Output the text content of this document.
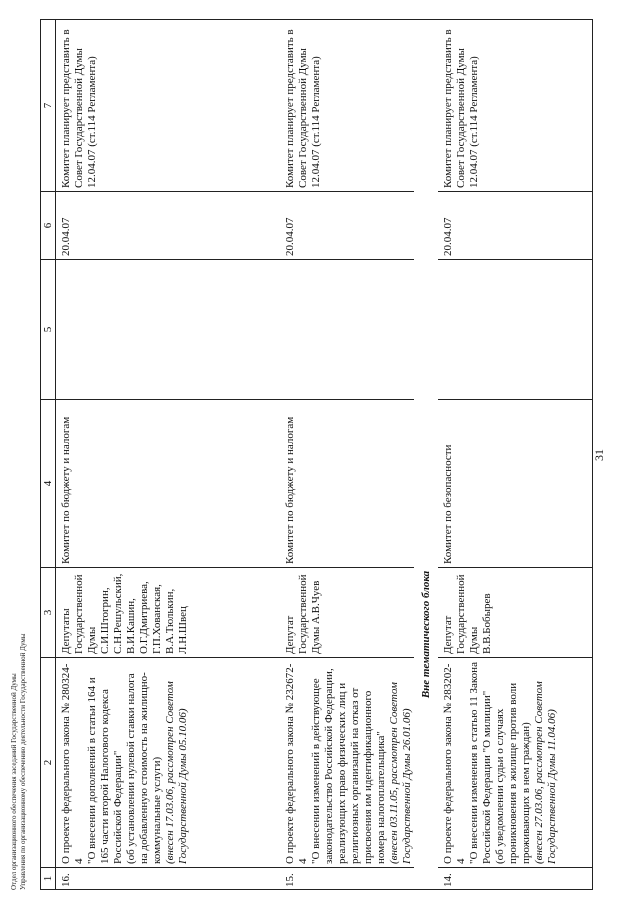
Отдел организационного обеспечения заседаний Государственной Думы Управления по организационному обеспечению деятельности Государственной Думы 1	2	3	4	5	6	7
16.	О проекте федерального закона № 280324-4 "О внесении дополнений в статьи 164 и 165 части второй Налогового кодекса Российской Федерации" (об установлении нулевой ставки налога на добавленную стоимость на жилищно-коммунальные услуги) (внесен 17.03.06, рассмотрен Советом Государственной Думы 05.10.06)	Депутаты Государственной Думы С.И.Штогрин, С.Н.Решульский, В.И.Кашин, О.Г.Дмитриева, Г.П.Хованская, В.А.Тюлькин, Л.Н.Швец	Комитет по бюджету и налогам		20.04.07	Комитет планирует представить в Совет Государственной Думы 12.04.07 (ст.114 Регламента)
15.	О проекте федерального закона № 232672-4 "О внесении изменений в действующее законодательство Российской Федерации, реализующих право физических лиц и религиозных организаций на отказ от присвоения им идентификационного номера налогоплательщика" (внесен 03.11.05, рассмотрен Советом Государственной Думы 26.01.06)	Депутат Государственной Думы А.В.Чуев	Комитет по бюджету и налогам		20.04.07	Комитет планирует представить в Совет Государственной Думы 12.04.07 (ст.114 Регламента)
Вне тематического блока						
14.	О проекте федерального закона № 283202-4 "О внесении изменения в статью 11 Закона Российской Федерации "О милиции" (об уведомлении судьи о случаях проникновения в жилище против воли проживающих в нем граждан) (внесен 27.03.06, рассмотрен Советом Государственной Думы 11.04.06)	Депутат Государственной Думы В.В.Бобырев	Комитет по безопасности		20.04.07	Комитет планирует представить в Совет Государственной Думы 12.04.07 (ст.114 Регламента)
31
